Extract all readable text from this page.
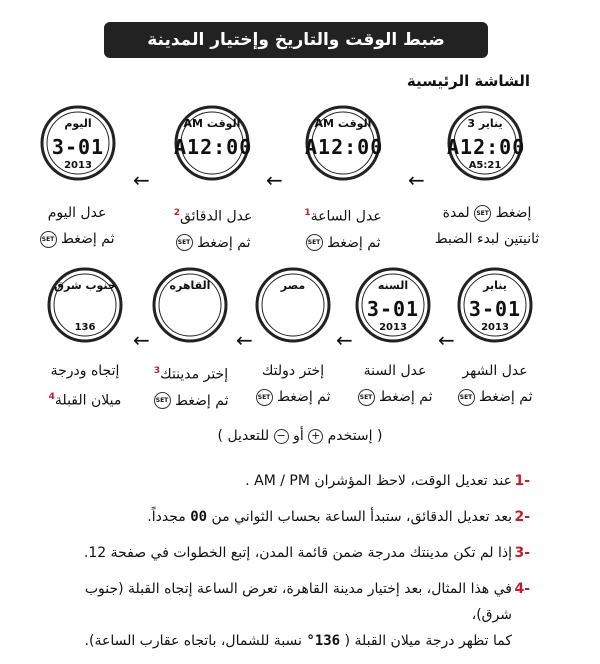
ضبط الوقت والتاريخ وإختيار المدينة
الشاشة الرئيسية
3 يناير
A12:00
A5:21
←
AM الوقت
A12:00
←
AM الوقت
A12:00
←
اليوم
3-01
2013
إضغط SET لمدة
ثانيتين لبدء الضبط
عدل الساعة$^1$
ثم إضغط SET
عدل الدقائق$^2$
ثم إضغط SET
عدل اليوم
ثم إضغط SET
يناير
3-01
2013
←
السنه
3-01
2013
←
مصر
←
القاهره
←
جنوب شرق
136
عدل الشهر
ثم إضغط SET
عدل السنة
ثم إضغط SET
إختر دولتك
ثم إضغط SET
إختر مدينتك$^3$
ثم إضغط SET
إتجاه ودرجة
ميلان القبلة$^4$
( إستخدم + أو − للتعديل )
-1
عند تعديل الوقت، لاحظ المؤشران AM / PM .
-2
بعد تعديل الدقائق، ستبدأ الساعة بحساب الثواني من 00 مجدداً.
-3
إذا لم تكن مدينتك مدرجة ضمن قائمة المدن، إتبع الخطوات في صفحة 12.
-4
في هذا المثال، بعد إختيار مدينة القاهرة، تعرض الساعة إتجاه القبلة (جنوب شرق)،
كما تظهر درجة ميلان القبلة ( 136° نسبة للشمال، باتجاه عقارب الساعة).
